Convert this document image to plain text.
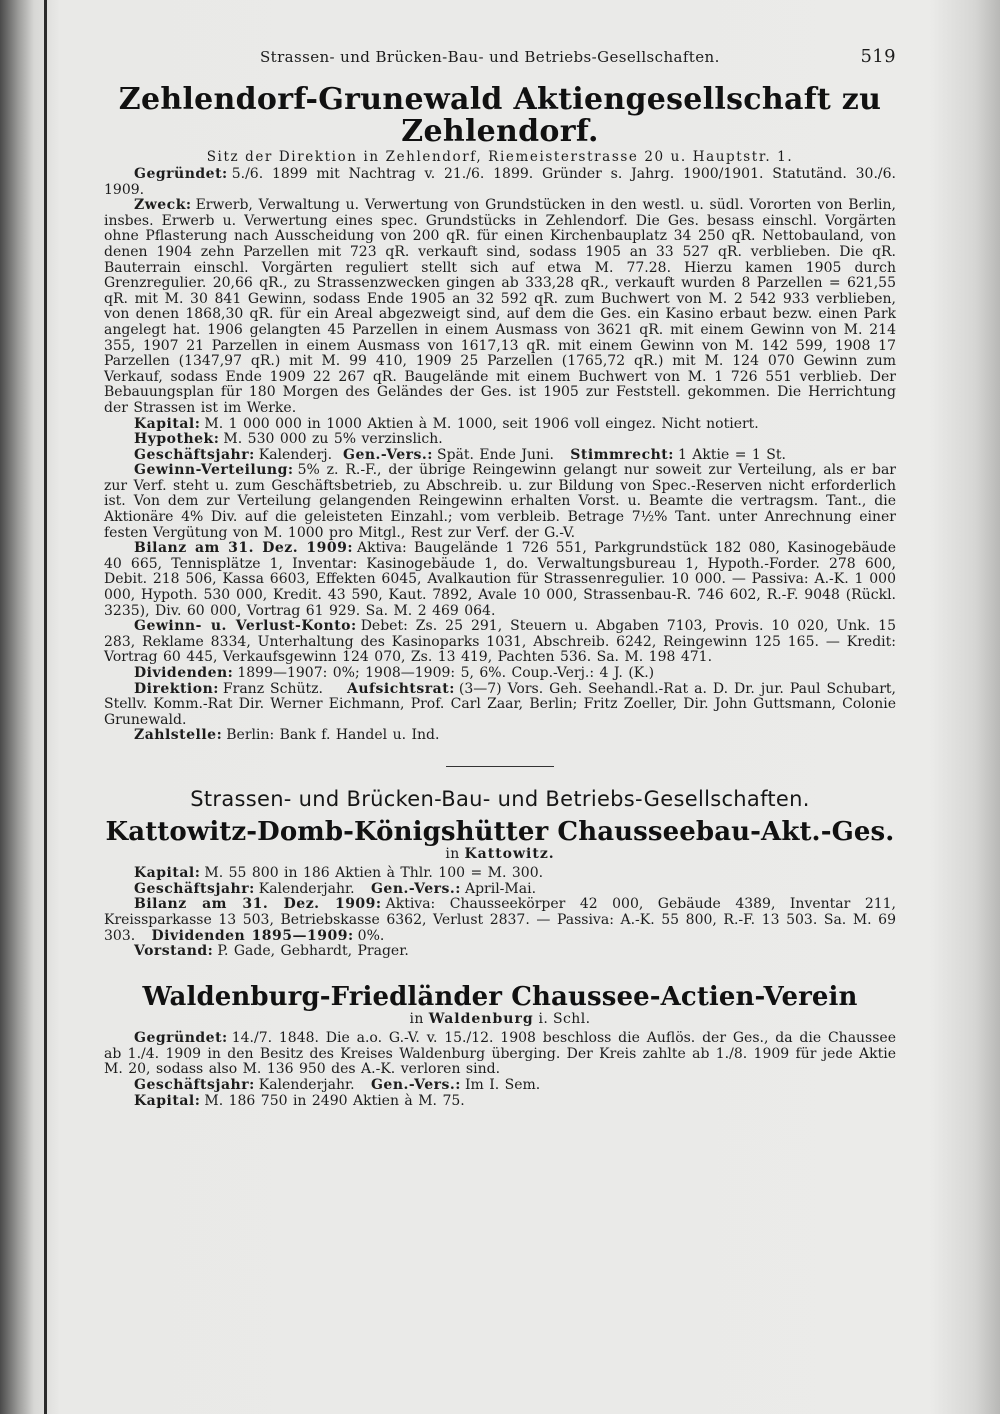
Strassen- und Brücken-Bau- und Betriebs-Gesellschaften.	519
Zehlendorf-Grunewald Aktiengesellschaft zu Zehlendorf.
Sitz der Direktion in Zehlendorf, Riemeisterstrasse 20 u. Hauptstr. 1.

Gegründet: 5./6. 1899 mit Nachtrag v. 21./6. 1899. Gründer s. Jahrg. 1900/1901. Statutänd. 30./6. 1909.

Zweck: Erwerb, Verwaltung u. Verwertung von Grundstücken in den westl. u. südl. Vororten von Berlin, insbes. Erwerb u. Verwertung eines spec. Grundstücks in Zehlendorf. Die Ges. besass einschl. Vorgärten ohne Pflasterung nach Ausscheidung von 200 qR. für einen Kirchenbauplatz 34 250 qR. Nettobauland, von denen 1904 zehn Parzellen mit 723 qR. verkauft sind, sodass 1905 an 33 527 qR. verblieben. Die qR. Bauterrain einschl. Vorgärten reguliert stellt sich auf etwa M. 77.28. Hierzu kamen 1905 durch Grenzregulier. 20,66 qR., zu Strassenzwecken gingen ab 333,28 qR., verkauft wurden 8 Parzellen = 621,55 qR. mit M. 30 841 Gewinn, sodass Ende 1905 an 32 592 qR. zum Buchwert von M. 2 542 933 verblieben, von denen 1868,30 qR. für ein Areal abgezweigt sind, auf dem die Ges. ein Kasino erbaut bezw. einen Park angelegt hat. 1906 gelangten 45 Parzellen in einem Ausmass von 3621 qR. mit einem Gewinn von M. 214 355, 1907 21 Parzellen in einem Ausmass von 1617,13 qR. mit einem Gewinn von M. 142 599, 1908 17 Parzellen (1347,97 qR.) mit M. 99 410, 1909 25 Parzellen (1765,72 qR.) mit M. 124 070 Gewinn zum Verkauf, sodass Ende 1909 22 267 qR. Baugelände mit einem Buchwert von M. 1 726 551 verblieb. Der Bebauungsplan für 180 Morgen des Geländes der Ges. ist 1905 zur Feststell. gekommen. Die Herrichtung der Strassen ist im Werke.

Kapital: M. 1 000 000 in 1000 Aktien à M. 1000, seit 1906 voll eingez. Nicht notiert.

Hypothek: M. 530 000 zu 5% verzinslich.

Geschäftsjahr: Kalenderj. Gen.-Vers.: Spät. Ende Juni. Stimmrecht: 1 Aktie = 1 St.

Gewinn-Verteilung: 5% z. R.-F., der übrige Reingewinn gelangt nur soweit zur Verteilung, als er bar zur Verf. steht u. zum Geschäftsbetrieb, zu Abschreib. u. zur Bildung von Spec.-Reserven nicht erforderlich ist. Von dem zur Verteilung gelangenden Reingewinn erhalten Vorst. u. Beamte die vertragsm. Tant., die Aktionäre 4% Div. auf die geleisteten Einzahl.; vom verbleib. Betrage 7½% Tant. unter Anrechnung einer festen Vergütung von M. 1000 pro Mitgl., Rest zur Verf. der G.-V.

Bilanz am 31. Dez. 1909: Aktiva: Baugelände 1 726 551, Parkgrundstück 182 080, Kasinogebäude 40 665, Tennisplätze 1, Inventar: Kasinogebäude 1, do. Verwaltungsbureau 1, Hypoth.-Forder. 278 600, Debit. 218 506, Kassa 6603, Effekten 6045, Avalkaution für Strassenregulier. 10 000. — Passiva: A.-K. 1 000 000, Hypoth. 530 000, Kredit. 43 590, Kaut. 7892, Avale 10 000, Strassenbau-R. 746 602, R.-F. 9048 (Rückl. 3235), Div. 60 000, Vortrag 61 929. Sa. M. 2 469 064.

Gewinn- u. Verlust-Konto: Debet: Zs. 25 291, Steuern u. Abgaben 7103, Provis. 10 020, Unk. 15 283, Reklame 8334, Unterhaltung des Kasinoparks 1031, Abschreib. 6242, Reingewinn 125 165. — Kredit: Vortrag 60 445, Verkaufsgewinn 124 070, Zs. 13 419, Pachten 536. Sa. M. 198 471.

Dividenden: 1899—1907: 0%; 1908—1909: 5, 6%. Coup.-Verj.: 4 J. (K.)

Direktion: Franz Schütz. Aufsichtsrat: (3—7) Vors. Geh. Seehandl.-Rat a. D. Dr. jur. Paul Schubart, Stellv. Komm.-Rat Dir. Werner Eichmann, Prof. Carl Zaar, Berlin; Fritz Zoeller, Dir. John Guttsmann, Colonie Grunewald.

Zahlstelle: Berlin: Bank f. Handel u. Ind.

Strassen- und Brücken-Bau- und Betriebs-Gesellschaften.
Kattowitz-Domb-Königshütter Chausseebau-Akt.-Ges.
in Kattowitz.

Kapital: M. 55 800 in 186 Aktien à Thlr. 100 = M. 300.

Geschäftsjahr: Kalenderjahr. Gen.-Vers.: April-Mai.

Bilanz am 31. Dez. 1909: Aktiva: Chausseekörper 42 000, Gebäude 4389, Inventar 211, Kreissparkasse 13 503, Betriebskasse 6362, Verlust 2837. — Passiva: A.-K. 55 800, R.-F. 13 503. Sa. M. 69 303. Dividenden 1895—1909: 0%.

Vorstand: P. Gade, Gebhardt, Prager.

Waldenburg-Friedländer Chaussee-Actien-Verein
in Waldenburg i. Schl.

Gegründet: 14./7. 1848. Die a.o. G.-V. v. 15./12. 1908 beschloss die Auflös. der Ges., da die Chaussee ab 1./4. 1909 in den Besitz des Kreises Waldenburg überging. Der Kreis zahlte ab 1./8. 1909 für jede Aktie M. 20, sodass also M. 136 950 des A.-K. verloren sind.

Geschäftsjahr: Kalenderjahr. Gen.-Vers.: Im I. Sem.

Kapital: M. 186 750 in 2490 Aktien à M. 75.
